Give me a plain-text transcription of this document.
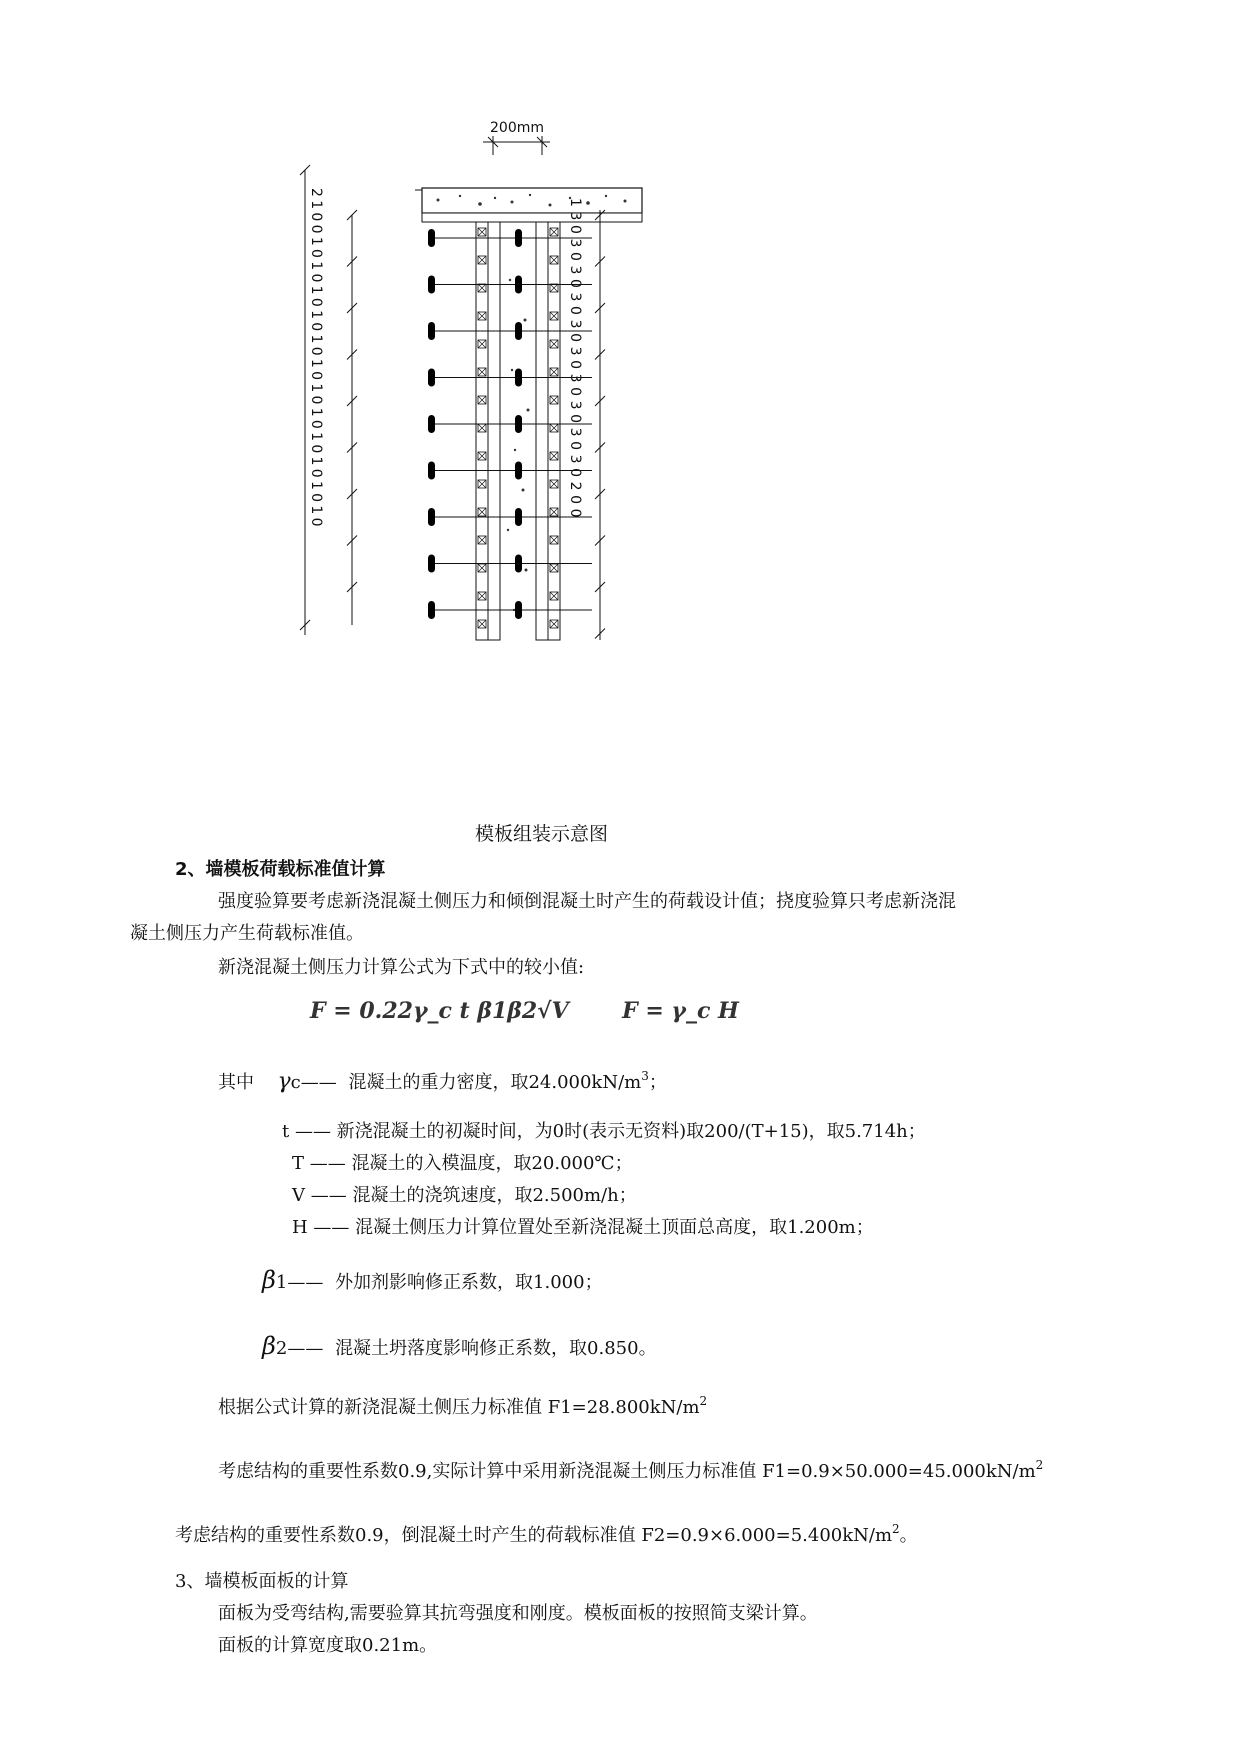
200mm
2100101010101010101010101010	130303030303030303030200
模板组装示意图
2、墙模板荷载标准值计算
强度验算要考虑新浇混凝土侧压力和倾倒混凝土时产生的荷载设计值；挠度验算只考虑新浇混
凝土侧压力产生荷载标准值。
新浇混凝土侧压力计算公式为下式中的较小值:
F = 0.22γ_c t β1β2√V F = γ_c H
其中 γc—— 混凝土的重力密度，取$24.000kN/m^3$；
t —— 新浇混凝土的初凝时间，为0时(表示无资料)取200/(T+15)，取5.714h；
T —— 混凝土的入模温度，取20.000℃；
V —— 混凝土的浇筑速度，取2.500m/h；
H —— 混凝土侧压力计算位置处至新浇混凝土顶面总高度，取1.200m；
β1—— 外加剂影响修正系数，取1.000；
β2—— 混凝土坍落度影响修正系数，取0.850。
根据公式计算的新浇混凝土侧压力标准值 $F1=28.800kN/m^2$
考虑结构的重要性系数0.9,实际计算中采用新浇混凝土侧压力标准值 $F1=0.9\times 50.000=45.000kN/m^2$
考虑结构的重要性系数0.9，倒混凝土时产生的荷载标准值 $F2=0.9\times 6.000=5.400kN/m^2$。
3、墙模板面板的计算
面板为受弯结构,需要验算其抗弯强度和刚度。模板面板的按照简支梁计算。
面板的计算宽度取0.21m。
